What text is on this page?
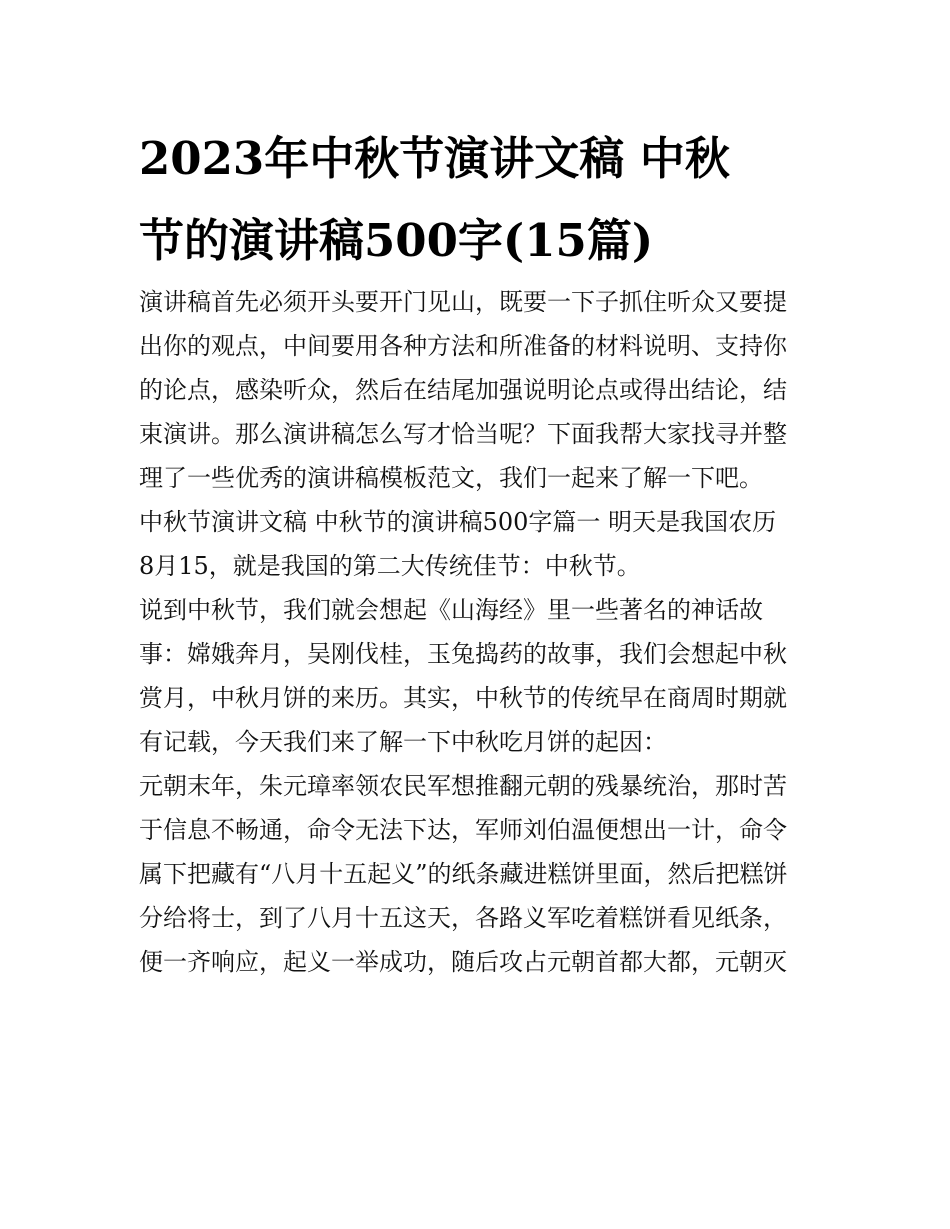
2023年中秋节演讲文稿 中秋
节的演讲稿500字(15篇)
演讲稿首先必须开头要开门见山，既要一下子抓住听众又要提
出你的观点，中间要用各种方法和所准备的材料说明、支持你
的论点，感染听众，然后在结尾加强说明论点或得出结论，结
束演讲。那么演讲稿怎么写才恰当呢？下面我帮大家找寻并整
理了一些优秀的演讲稿模板范文，我们一起来了解一下吧。
中秋节演讲文稿 中秋节的演讲稿500字篇一 明天是我国农历
8月15，就是我国的第二大传统佳节：中秋节。
说到中秋节，我们就会想起《山海经》里一些著名的神话故
事：嫦娥奔月，吴刚伐桂，玉兔捣药的故事，我们会想起中秋
赏月，中秋月饼的来历。其实，中秋节的传统早在商周时期就
有记载，今天我们来了解一下中秋吃月饼的起因：
元朝末年，朱元璋率领农民军想推翻元朝的残暴统治，那时苦
于信息不畅通，命令无法下达，军师刘伯温便想出一计，命令
属下把藏有“八月十五起义”的纸条藏进糕饼里面，然后把糕饼
分给将士，到了八月十五这天，各路义军吃着糕饼看见纸条，
便一齐响应，起义一举成功，随后攻占元朝首都大都，元朝灭
